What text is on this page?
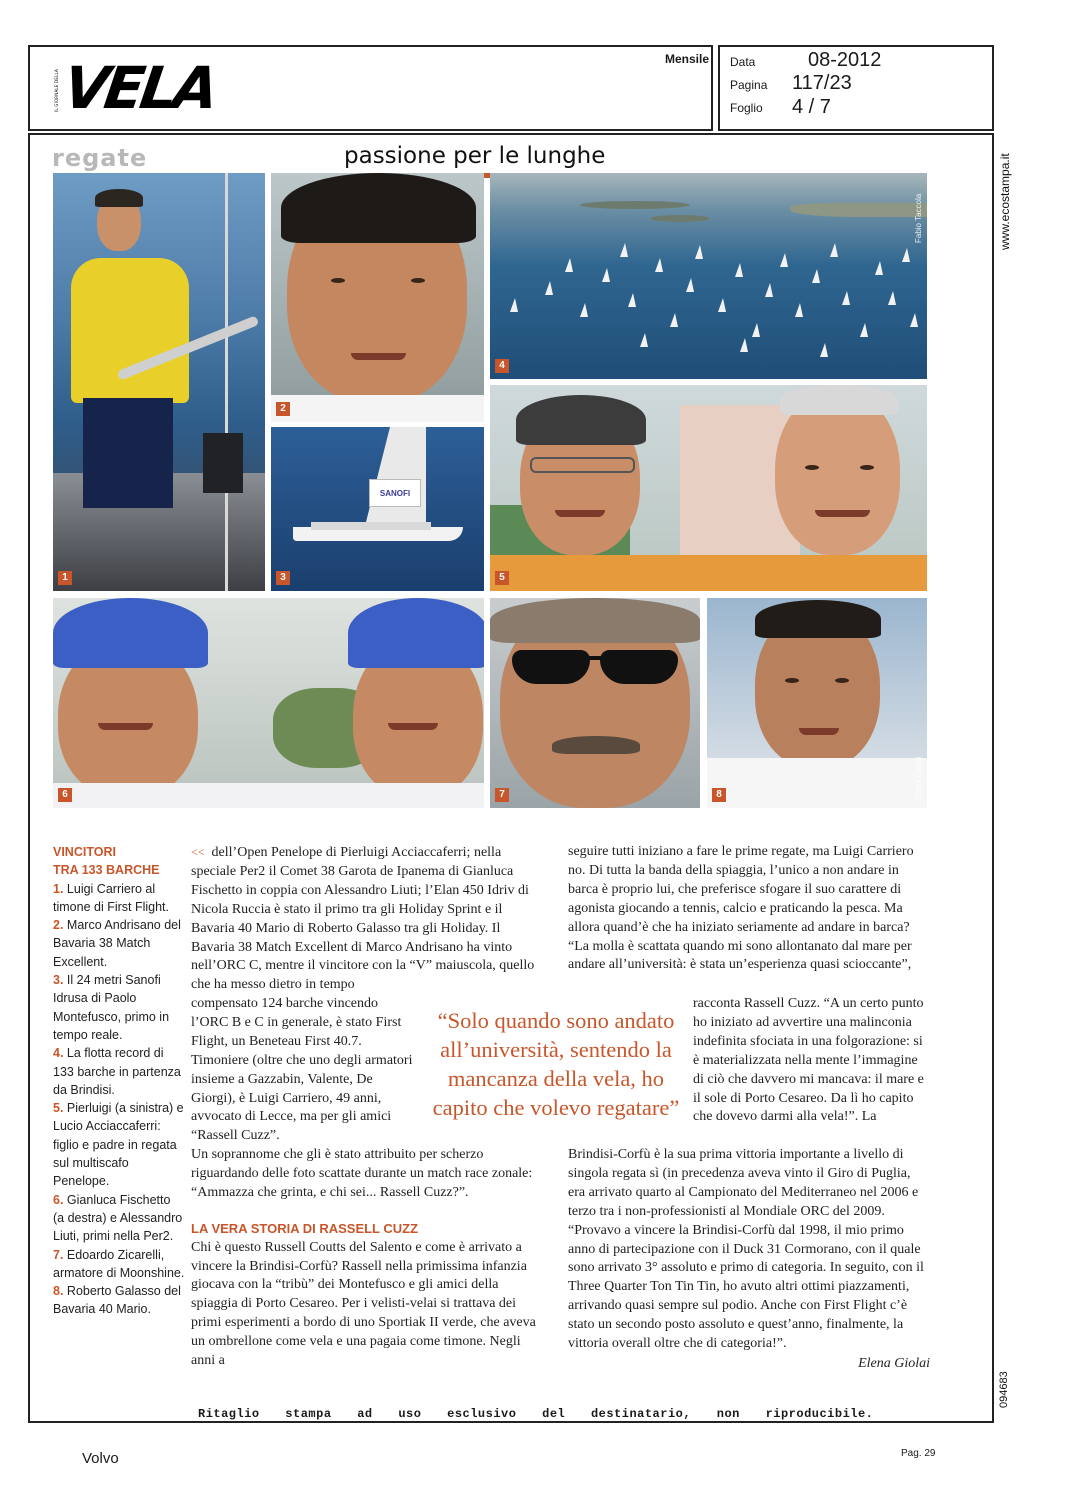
IL GIORNALE DELLA VELA	Mensile Data	08-2012
Pagina 117/23
Foglio 4 / 7
www.ecostampa.it
094683
regate	passione per le lunghe
1
2
SANOFI
3
Fabio Taccola
4
5
6	7	Elena Giolai
8
VINCITORI
TRA 133 BARCHE
1. Luigi Carriero al timone di First Flight.
2. Marco Andrisano del Bavaria 38 Match Excellent.
3. Il 24 metri Sanofi Idrusa di Paolo Montefusco, primo in tempo reale.
4. La flotta record di 133 barche in partenza da Brindisi.
5. Pierluigi (a sinistra) e Lucio Acciaccaferri: figlio e padre in regata sul multiscafo Penelope.
6. Gianluca Fischetto (a destra) e Alessandro Liuti, primi nella Per2.
7. Edoardo Zicarelli, armatore di Moonshine.
8. Roberto Galasso del Bavaria 40 Mario.

<< dell’Open Penelope di Pierluigi Acciaccaferri; nella speciale Per2 il Comet 38 Garota de Ipanema di Gianluca Fischetto in coppia con Alessandro Liuti; l’Elan 450 Idriv di Nicola Ruccia è stato il primo tra gli Holiday Sprint e il Bavaria 40 Mario di Roberto Galasso tra gli Holiday. Il Bavaria 38 Match Excellent di Marco Andrisano ha vinto nell’ORC C, mentre il vincitore con la “V” maiuscola, quello che ha messo dietro in tempo

compensato 124 barche vincendo l’ORC B e C in generale, è stato First Flight, un Beneteau First 40.7. Timoniere (oltre che uno degli armatori insieme a Gazzabin, Valente, De Giorgi), è Luigi Carriero, 49 anni, avvocato di Lecce, ma per gli amici “Rassell Cuzz”.

Un soprannome che gli è stato attribuito per scherzo riguardando delle foto scattate durante un match race zonale: “Ammazza che grinta, e chi sei... Rassell Cuzz?”.

LA VERA STORIA DI RASSELL CUZZ

Chi è questo Russell Coutts del Salento e come è arrivato a vincere la Brindisi-Corfù? Rassell nella primissima infanzia giocava con la “tribù” dei Montefusco e gli amici della spiaggia di Porto Cesareo. Per i velisti-velai si trattava dei primi esperimenti a bordo di uno Sportiak II verde, che aveva un ombrellone come vela e una pagaia come timone. Negli anni a

“Solo quando sono andato all’università, sentendo la mancanza della vela, ho capito che volevo regatare”

seguire tutti iniziano a fare le prime regate, ma Luigi Carriero no. Di tutta la banda della spiaggia, l’unico a non andare in barca è proprio lui, che preferisce sfogare il suo carattere di agonista giocando a tennis, calcio e praticando la pesca. Ma allora quand’è che ha iniziato seriamente ad andare in barca? “La molla è scattata quando mi sono allontanato dal mare per andare all’università: è stata un’esperienza quasi scioccante”,

racconta Rassell Cuzz. “A un certo punto ho iniziato ad avvertire una malinconia indefinita sfociata in una folgorazione: si è materializzata nella mente l’immagine di ciò che davvero mi mancava: il mare e il sole di Porto Cesareo. Da lì ho capito che dovevo darmi alla vela!”. La

Brindisi-Corfù è la sua prima vittoria importante a livello di singola regata sì (in precedenza aveva vinto il Giro di Puglia, era arrivato quarto al Campionato del Mediterraneo nel 2006 e terzo tra i non-professionisti al Mondiale ORC del 2009. “Provavo a vincere la Brindisi-Corfù dal 1998, il mio primo anno di partecipazione con il Duck 31 Cormorano, con il quale sono arrivato 3° assoluto e primo di categoria. In seguito, con il Three Quarter Ton Tin Tin, ho avuto altri ottimi piazzamenti, arrivando quasi sempre sul podio. Anche con First Flight c’è stato un secondo posto assoluto e quest’anno, finalmente, la vittoria overall oltre che di categoria!”.

Elena Giolai

Ritaglio stampa ad uso esclusivo del destinatario, non riproducibile.
Volvo	Pag. 29
